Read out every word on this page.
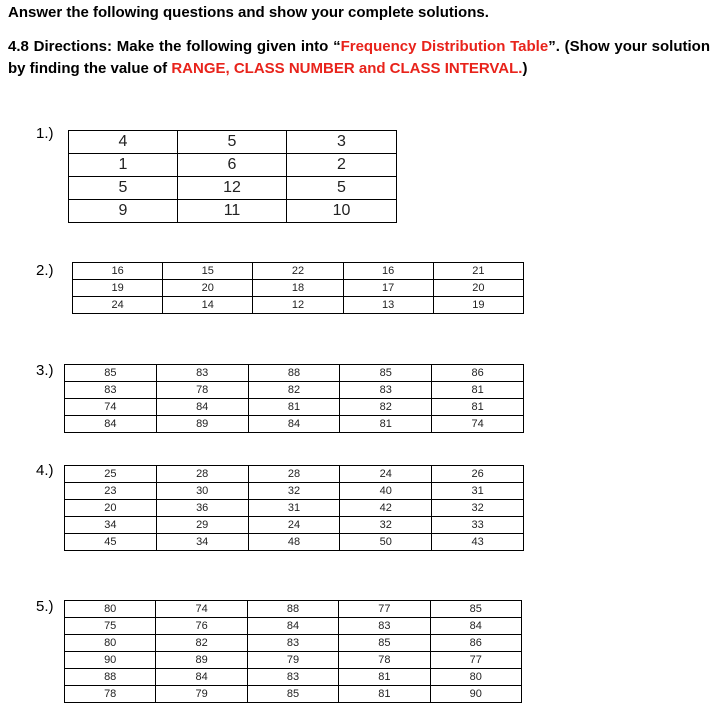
Answer the following questions and show your complete solutions.
4.8 Directions: Make the following given into “Frequency Distribution Table”. (Show your solution by finding the value of RANGE, CLASS NUMBER and CLASS INTERVAL.)
1.)	4	5	3
1	6	2
5	12	5
9	11	10
2.)	16	15	22	16	21
19	20	18	17	20
24	14	12	13	19
3.)	85	83	88	85	86
83	78	82	83	81
74	84	81	82	81
84	89	84	81	74
4.)	25	28	28	24	26
23	30	32	40	31
20	36	31	42	32
34	29	24	32	33
45	34	48	50	43
5.)	80	74	88	77	85
75	76	84	83	84
80	82	83	85	86
90	89	79	78	77
88	84	83	81	80
78	79	85	81	90
